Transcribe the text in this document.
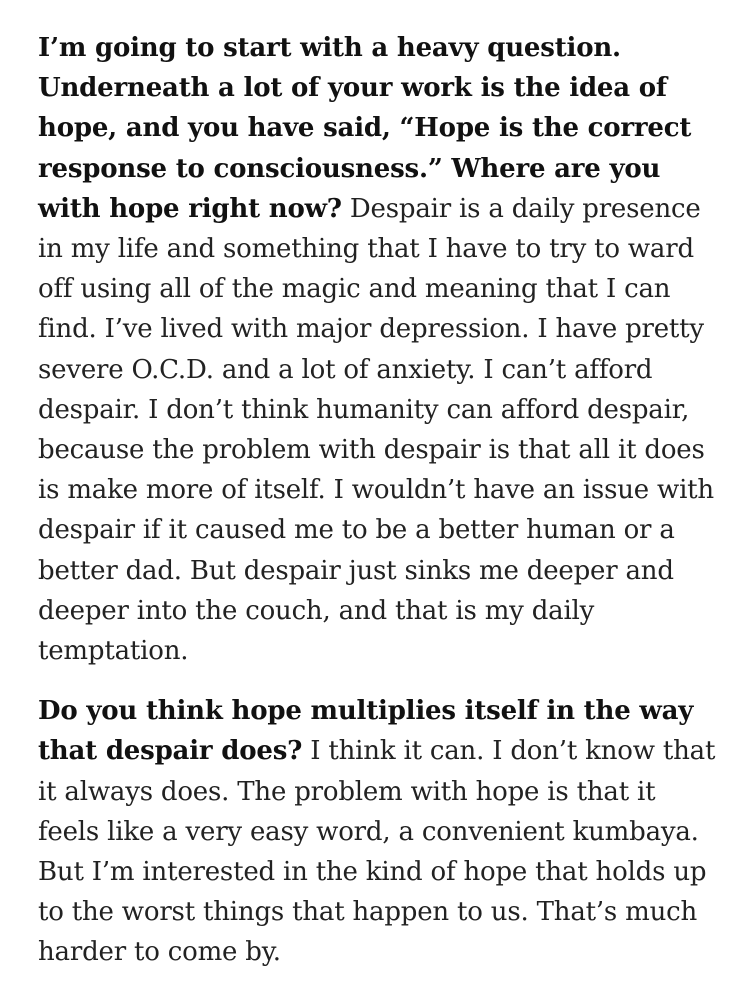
I’m going to start with a heavy question. Underneath a lot of your work is the idea of hope, and you have said, “Hope is the correct response to consciousness.” Where are you with hope right now? Despair is a daily presence in my life and something that I have to try to ward off using all of the magic and meaning that I can find. I’ve lived with major depression. I have pretty severe O.C.D. and a lot of anxiety. I can’t afford despair. I don’t think humanity can afford despair, because the problem with despair is that all it does is make more of itself. I wouldn’t have an issue with despair if it caused me to be a better human or a better dad. But despair just sinks me deeper and deeper into the couch, and that is my daily temptation.

Do you think hope multiplies itself in the way that despair does? I think it can. I don’t know that it always does. The problem with hope is that it feels like a very easy word, a convenient kumbaya. But I’m interested in the kind of hope that holds up to the worst things that happen to us. That’s much harder to come by.
